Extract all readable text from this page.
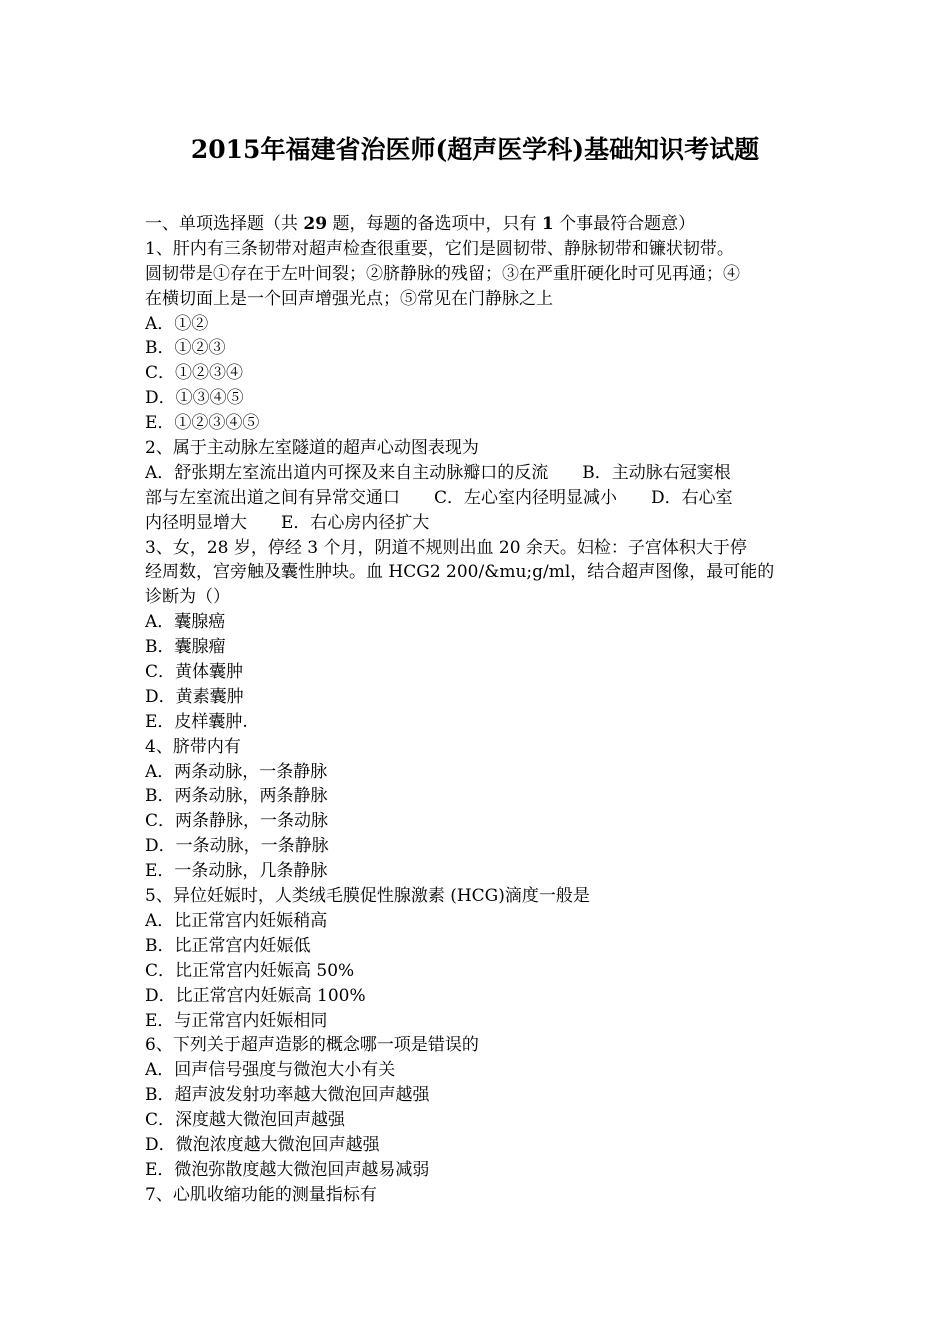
2015年福建省治医师(超声医学科)基础知识考试题
一、单项选择题（共 29 题，每题的备选项中，只有 1 个事最符合题意）
1、肝内有三条韧带对超声检查很重要，它们是圆韧带、静脉韧带和镰状韧带。
圆韧带是①存在于左叶间裂；②脐静脉的残留；③在严重肝硬化时可见再通；④
在横切面上是一个回声增强光点；⑤常见在门静脉之上
A．①②
B．①②③
C．①②③④
D．①③④⑤
E．①②③④⑤
2、属于主动脉左室隧道的超声心动图表现为
A．舒张期左室流出道内可探及来自主动脉瓣口的反流　　B．主动脉右冠窦根
部与左室流出道之间有异常交通口　　C．左心室内径明显减小　　D．右心室
内径明显增大　　E．右心房内径扩大
3、女，28 岁，停经 3 个月，阴道不规则出血 20 余天。妇检：子宫体积大于停
经周数，宫旁触及囊性肿块。血 HCG2 200/&mu;g/ml，结合超声图像，最可能的
诊断为（）
A．囊腺癌
B．囊腺瘤
C．黄体囊肿
D．黄素囊肿
E．皮样囊肿.
4、脐带内有
A．两条动脉，一条静脉
B．两条动脉，两条静脉
C．两条静脉，一条动脉
D．一条动脉，一条静脉
E．一条动脉，几条静脉
5、异位妊娠时，人类绒毛膜促性腺激素 (HCG)滴度一般是
A．比正常宫内妊娠稍高
B．比正常宫内妊娠低
C．比正常宫内妊娠高 50%
D．比正常宫内妊娠高 100%
E．与正常宫内妊娠相同
6、下列关于超声造影的概念哪一项是错误的
A．回声信号强度与微泡大小有关
B．超声波发射功率越大微泡回声越强
C．深度越大微泡回声越强
D．微泡浓度越大微泡回声越强
E．微泡弥散度越大微泡回声越易减弱
7、心肌收缩功能的测量指标有
